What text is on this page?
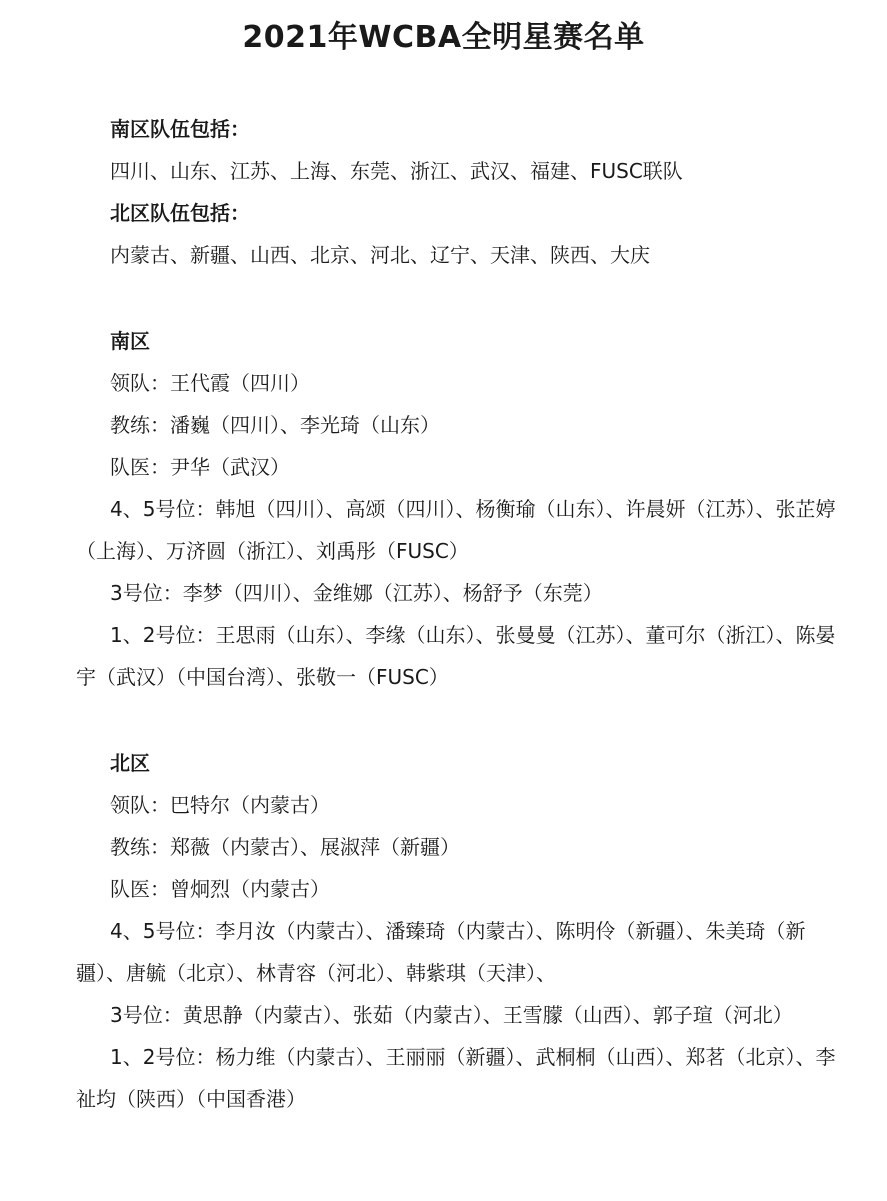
2021年WCBA全明星赛名单
南区队伍包括：
四川、山东、江苏、上海、东莞、浙江、武汉、福建、FUSC联队
北区队伍包括：
内蒙古、新疆、山西、北京、河北、辽宁、天津、陕西、大庆
南区
领队：王代霞（四川）
教练：潘巍（四川）、李光琦（山东）
队医：尹华（武汉）

4、5号位：韩旭（四川）、高颂（四川）、杨衡瑜（山东）、许晨妍（江苏）、张芷婷（上海）、万济圆（浙江）、刘禹彤（FUSC）

3号位：李梦（四川）、金维娜（江苏）、杨舒予（东莞）

1、2号位：王思雨（山东）、李缘（山东）、张曼曼（江苏）、董可尔（浙江）、陈晏宇（武汉）（中国台湾）、张敬一（FUSC）

北区
领队：巴特尔（内蒙古）
教练：郑薇（内蒙古）、展淑萍（新疆）
队医：曾炯烈（内蒙古）

4、5号位：李月汝（内蒙古）、潘臻琦（内蒙古）、陈明伶（新疆）、朱美琦（新疆）、唐毓（北京）、林青容（河北）、韩紫琪（天津）、

3号位：黄思静（内蒙古）、张茹（内蒙古）、王雪朦（山西）、郭子瑄（河北）

1、2号位：杨力维（内蒙古）、王丽丽（新疆）、武桐桐（山西）、郑茗（北京）、李祉均（陕西）（中国香港）
